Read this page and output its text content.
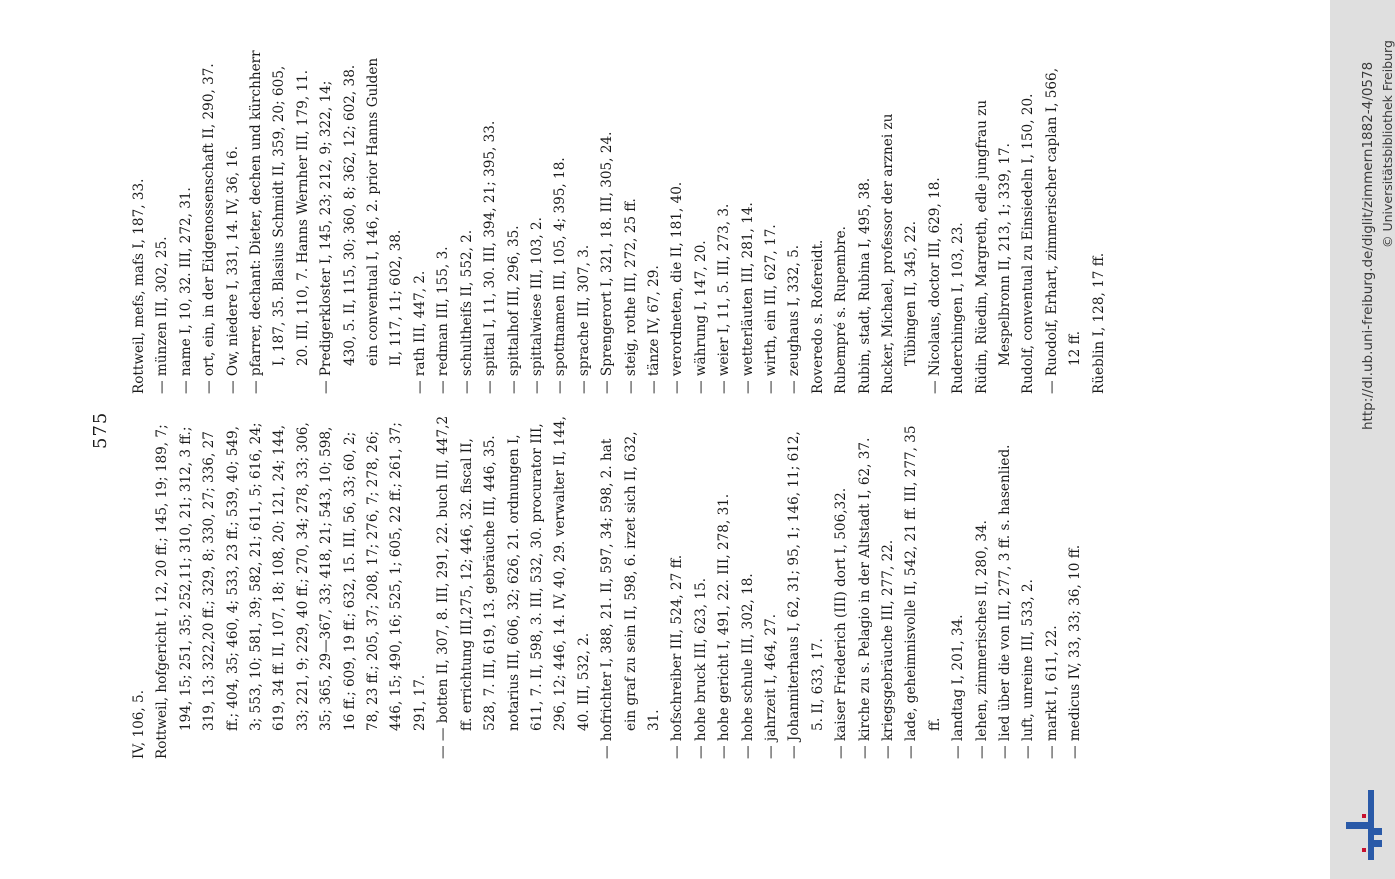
575

IV, 106, 5. Rottweil, hofgericht I, 12, 20 ff.; 145, 19; 189, 7; 194, 15; 251, 35; 252,11; 310, 21; 312, 3 ff.; 319, 13; 322,20 ff.; 329, 8; 330, 27; 336, 27 ff.; 404, 35; 460, 4; 533, 23 ff.; 539, 40; 549, 3; 553, 10; 581, 39; 582, 21; 611, 5; 616, 24; 619, 34 ff. II, 107, 18; 108, 20; 121, 24; 144, 33; 221, 9; 229, 40 ff.; 270, 34; 278, 33; 306, 35; 365, 29—367, 33; 418, 21; 543, 10; 598, 16 ff.; 609, 19 ff.; 632, 15. III, 56, 33; 60, 2; 78, 23 ff.; 205, 37; 208, 17; 276, 7; 278, 26; 446, 15; 490, 16; 525, 1; 605, 22 ff.; 261, 37; 291, 17. — — botten II, 307, 8. III, 291, 22. buch III, 447,2 ff. errichtung III,275, 12; 446, 32. fiscal II, 528, 7. III, 619, 13. gebräuche III, 446, 35. notarius III, 606, 32; 626, 21. ordnungen I, 611, 7. II, 598, 3. III, 532, 30. procurator III, 296, 12; 446, 14. IV, 40, 29. verwalter II, 144, 40. III, 532, 2. — hofrichter I, 388, 21. II, 597, 34; 598, 2. hat ein graf zu sein II, 598, 6. irzet sich II, 632, 31. — hofschreiber III, 524, 27 ff. — hohe bruck III, 623, 15. — hohe gericht I, 491, 22. III, 278, 31. — hohe schule III, 302, 18. — jahrzeit I, 464, 27. — Johanniterhaus I, 62, 31; 95, 1; 146, 11; 612, 5. II, 633, 17. — kaiser Friederich (III) dort I, 506,32. — kirche zu s. Pelagio in der Altstadt I, 62, 37. — kriegsgebräuche III, 277, 22. — lade, geheimnisvolle II, 542, 21 ff. III, 277, 35 ff. — landtag I, 201, 34. — lehen, zimmerisches II, 280, 34. — lied über die von III, 277, 3 ff. s. hasenlied. — luft, unreine III, 533, 2. — markt I, 611, 22. — medicus IV, 33, 33; 36, 10 ff.

Rottweil, mefs, mafs I, 187, 33. — münzen III, 302, 25. — name I, 10, 32. III, 272, 31. — ort, ein, in der Eidgenossenschaft II, 290, 37. — Ow, niedere I, 331, 14. IV, 36, 16. — pfarrer, dechant: Dieter, dechen und kürchherr I, 187, 35. Blasius Schmidt II, 359, 20; 605, 20. III, 110, 7. Hanns Wernher III, 179, 11. — Predigerkloster I, 145, 23; 212, 9; 322, 14; 430, 5. II, 115, 30; 360, 8; 362, 12; 602, 38. ein conventual I, 146, 2. prior Hanns Gulden II, 117, 11; 602, 38. — rath III, 447, 2. — redman III, 155, 3. — schultheifs II, 552, 2. — spittal I, 11, 30. III, 394, 21; 395, 33. — spittalhof III, 296, 35. — spittalwiese III, 103, 2. — spottnamen III, 105, 4; 395, 18. — sprache III, 307, 3. — Sprengerort I, 321, 18. III, 305, 24. — steig, rothe III, 272, 25 ff. — tänze IV, 67, 29. — verordneten, die II, 181, 40. — währung I, 147, 20. — weier I, 11, 5. III, 273, 3. — wetterläuten III, 281, 14. — wirth, ein III, 627, 17. — zeughaus I, 332, 5. Roveredo s. Rofereidt. Rubempré s. Rupembre. Rubin, stadt, Rubina I, 495, 38. Rucker, Michael, professor der arznei zu Tübingen II, 345, 22. — Nicolaus, doctor III, 629, 18. Ruderchingen I, 103, 23. Rüdin, Rüedin, Margreth, edle jungfrau zu Mespelbronn II, 213, 1; 339, 17. Rudolf, conventual zu Einsiedeln I, 150, 20. — Ruodolf, Erhart, zimmerischer caplan I, 566, 12 ff. Rüeblin I, 128, 17 ff.	http://dl.ub.uni-freiburg.de/diglit/zimmern1882-4/0578 © Universitätsbibliothek Freiburg
